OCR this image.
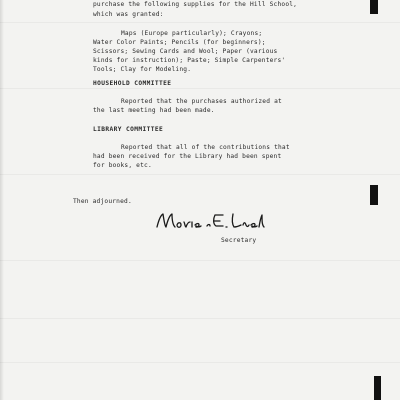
purchase the following supplies for the Hill School,
which was granted:
Maps (Europe particularly); Crayons;
Water Color Paints; Pencils (for beginners);
Scissors; Sewing Cards and Wool; Paper (various
kinds for instruction); Paste; Simple Carpenters'
Tools; Clay for Modeling.
HOUSEHOLD COMMITTEE
Reported that the purchases authorized at
the last meeting had been made.
LIBRARY COMMITTEE
Reported that all of the contributions that
had been received for the Library had been spent
for books, etc.
Then adjourned.
Secretary
